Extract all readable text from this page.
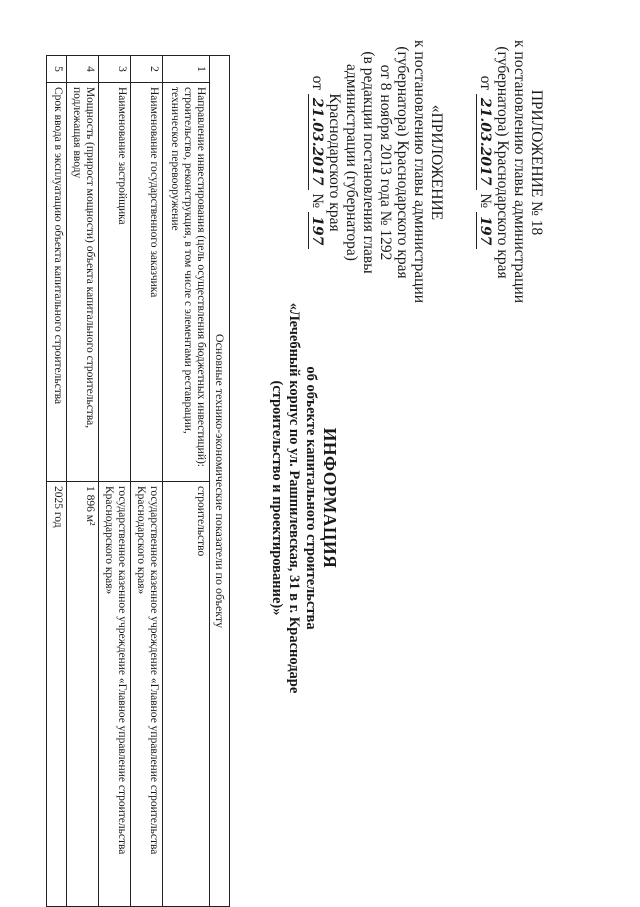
ПРИЛОЖЕНИЕ № 18
к постановлению главы администрации
(губернатора) Краснодарского края
от 21.03.2017 № 197
«ПРИЛОЖЕНИЕ
к постановлению главы администрации
(губернатора) Краснодарского края
от 8 ноября 2013 года № 1292
(в редакции постановления главы
администрации (губернатора)
Краснодарского края
от 21.03.2017 № 197
ИНФОРМАЦИЯ
об объекте капитального строительства
«Лечебный корпус по ул. Рашпилевская, 31 в г. Краснодаре
(строительство и проектирование)»
Основные технико-экономические показатели по объекту		
1	Направление инвестирования (цель осуществления бюджетных инвестиций): строительство, реконструкция, в том числе с элементами реставрации, техническое перевооружение	строительство
2	Наименование государственного заказчика	государственное казенное учреждение «Главное управление строительства Краснодарского края»
3	Наименование застройщика	государственное казенное учреждение «Главное управление строительства Краснодарского края»
4	Мощность (прирост мощности) объекта капитального строительства, подлежащая вводу	1 896 м²
5	Срок ввода в эксплуатацию объекта капитального строительства	2025 год
